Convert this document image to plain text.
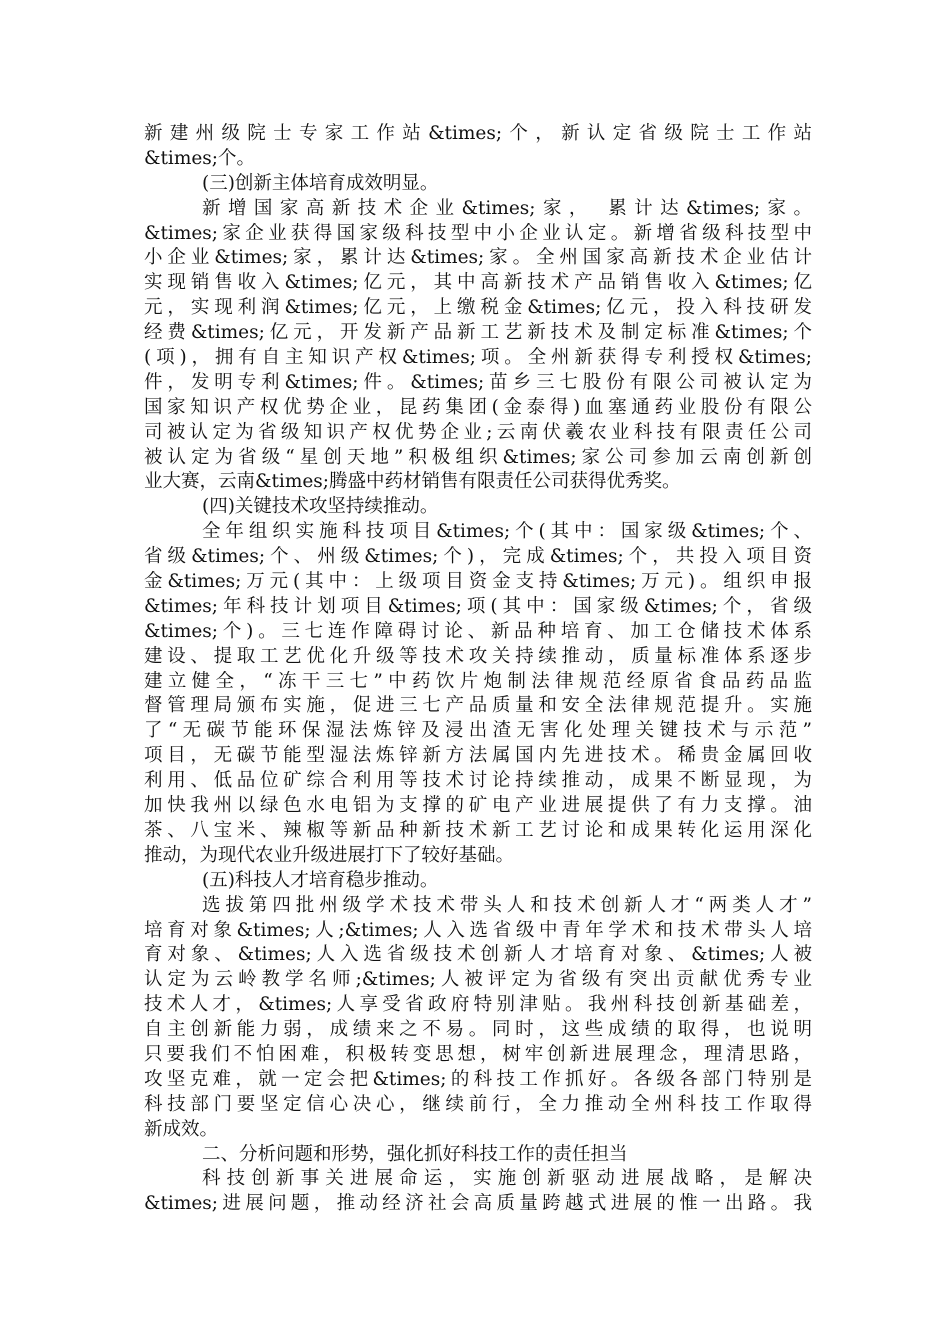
新建州级院士专家工作站&times;个，新认定省级院士工作站
&times;个。
(三)创新主体培育成效明显。
新增国家高新技术企业&times;家， 累计达&times;家。
&times;家企业获得国家级科技型中小企业认定。新增省级科技型中
小企业&times;家，累计达&times;家。全州国家高新技术企业估计
实现销售收入&times;亿元，其中高新技术产品销售收入&times;亿
元，实现利润&times;亿元，上缴税金&times;亿元，投入科技研发
经费&times;亿元，开发新产品新工艺新技术及制定标准&times;个
(项)，拥有自主知识产权&times;项。全州新获得专利授权&times;
件，发明专利&times;件。&times;苗乡三七股份有限公司被认定为
国家知识产权优势企业，昆药集团(金泰得)血塞通药业股份有限公
司被认定为省级知识产权优势企业;云南伏羲农业科技有限责任公司
被认定为省级“星创天地”积极组织&times;家公司参加云南创新创
业大赛，云南&times;腾盛中药材销售有限责任公司获得优秀奖。
(四)关键技术攻坚持续推动。
全年组织实施科技项目&times;个(其中：国家级&times;个、
省级&times;个、州级&times;个)，完成&times;个，共投入项目资
金&times;万元(其中：上级项目资金支持&times;万元)。组织申报
&times;年科技计划项目&times;项(其中：国家级&times;个，省级
&times;个)。三七连作障碍讨论、新品种培育、加工仓储技术体系
建设、提取工艺优化升级等技术攻关持续推动，质量标准体系逐步
建立健全，“冻干三七”中药饮片炮制法律规范经原省食品药品监
督管理局颁布实施，促进三七产品质量和安全法律规范提升。实施
了“无碳节能环保湿法炼锌及浸出渣无害化处理关键技术与示范”
项目，无碳节能型湿法炼锌新方法属国内先进技术。稀贵金属回收
利用、低品位矿综合利用等技术讨论持续推动，成果不断显现，为
加快我州以绿色水电铝为支撑的矿电产业进展提供了有力支撑。油
茶、八宝米、辣椒等新品种新技术新工艺讨论和成果转化运用深化
推动，为现代农业升级进展打下了较好基础。
(五)科技人才培育稳步推动。
选拔第四批州级学术技术带头人和技术创新人才“两类人才”
培育对象&times;人;&times;人入选省级中青年学术和技术带头人培
育对象、&times;人入选省级技术创新人才培育对象、&times;人被
认定为云岭教学名师;&times;人被评定为省级有突出贡献优秀专业
技术人才，&times;人享受省政府特别津贴。我州科技创新基础差，
自主创新能力弱，成绩来之不易。同时，这些成绩的取得，也说明
只要我们不怕困难，积极转变思想，树牢创新进展理念，理清思路，
攻坚克难，就一定会把&times;的科技工作抓好。各级各部门特别是
科技部门要坚定信心决心，继续前行，全力推动全州科技工作取得
新成效。
二、分析问题和形势，强化抓好科技工作的责任担当
科技创新事关进展命运，实施创新驱动进展战略，是解决
&times;进展问题，推动经济社会高质量跨越式进展的惟一出路。我
